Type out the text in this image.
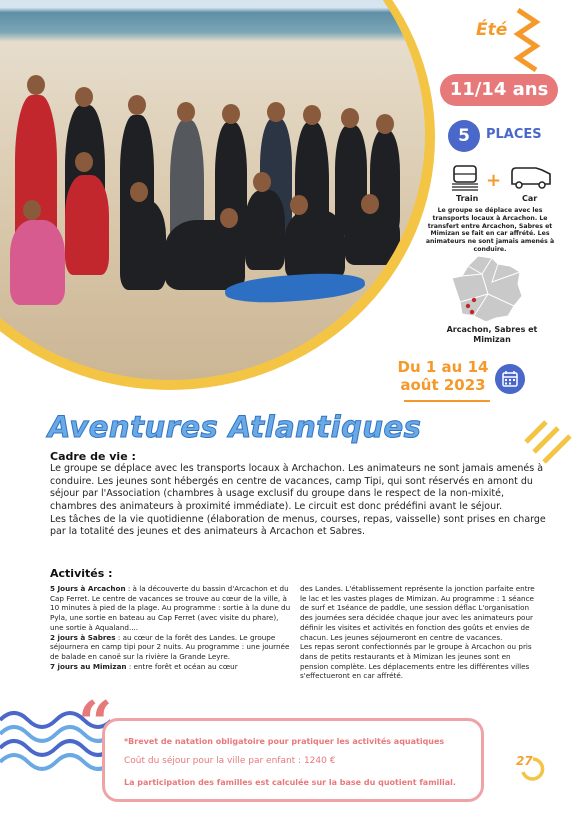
Été
11/14 ans
5	PLACES
Train
+
Car
Le groupe se déplace avec les transports locaux à Arcachon. Le transfert entre Arcachon, Sabres et Mimizan se fait en car affrété. Les animateurs ne sont jamais amenés à conduire.
Arcachon, Sabres et Mimizan
Du 1 au 14
août 2023
Aventures Atlantiques
Cadre de vie :

Le groupe se déplace avec les transports locaux à Archachon. Les animateurs ne sont jamais amenés à conduire. Les jeunes sont hébergés en centre de vacances, camp Tipi, qui sont réservés en amont du séjour par l'Association (chambres à usage exclusif du groupe dans le respect de la non-mixité, chambres des animateurs à proximité immédiate). Le circuit est donc prédéfini avant le séjour.

Les tâches de la vie quotidienne (élaboration de menus, courses, repas, vaisselle) sont prises en charge par la totalité des jeunes et des animateurs à Arcachon et Sabres.

Activités :
5 Jours à Arcachon : à la découverte du bassin d'Arcachon et du Cap Ferret. Le centre de vacances se trouve au cœur de la ville, à 10 minutes à pied de la plage. Au programme : sortie à la dune du Pyla, une sortie en bateau au Cap Ferret (avec visite du phare), une sortie à Aqualand....
2 jours à Sabres : au cœur de la forêt des Landes. Le groupe séjournera en camp tipi pour 2 nuits. Au programme : une journée de balade en canoë sur la rivière la Grande Leyre.
7 jours au Mimizan : entre forêt et océan au cœur
des Landes. L'établissement représente la jonction parfaite entre le lac et les vastes plages de Mimizan. Au programme : 1 séance de surf et 1séance de paddle, une session déflac L'organisation des journées sera décidée chaque jour avec les animateurs pour définir les visites et activités en fonction des goûts et envies de chacun. Les jeunes séjourneront en centre de vacances.
Les repas seront confectionnés par le groupe à Arcachon ou pris dans de petits restaurants et à Mimizan les jeunes sont en pension complète. Les déplacements entre les différentes villes s'effectueront en car affrété.
“ *Brevet de natation obligatoire pour pratiquer les activités aquatiques
Coût du séjour pour la ville par enfant : 1240 €
La participation des familles est calculée sur la base du quotient familial.
27
